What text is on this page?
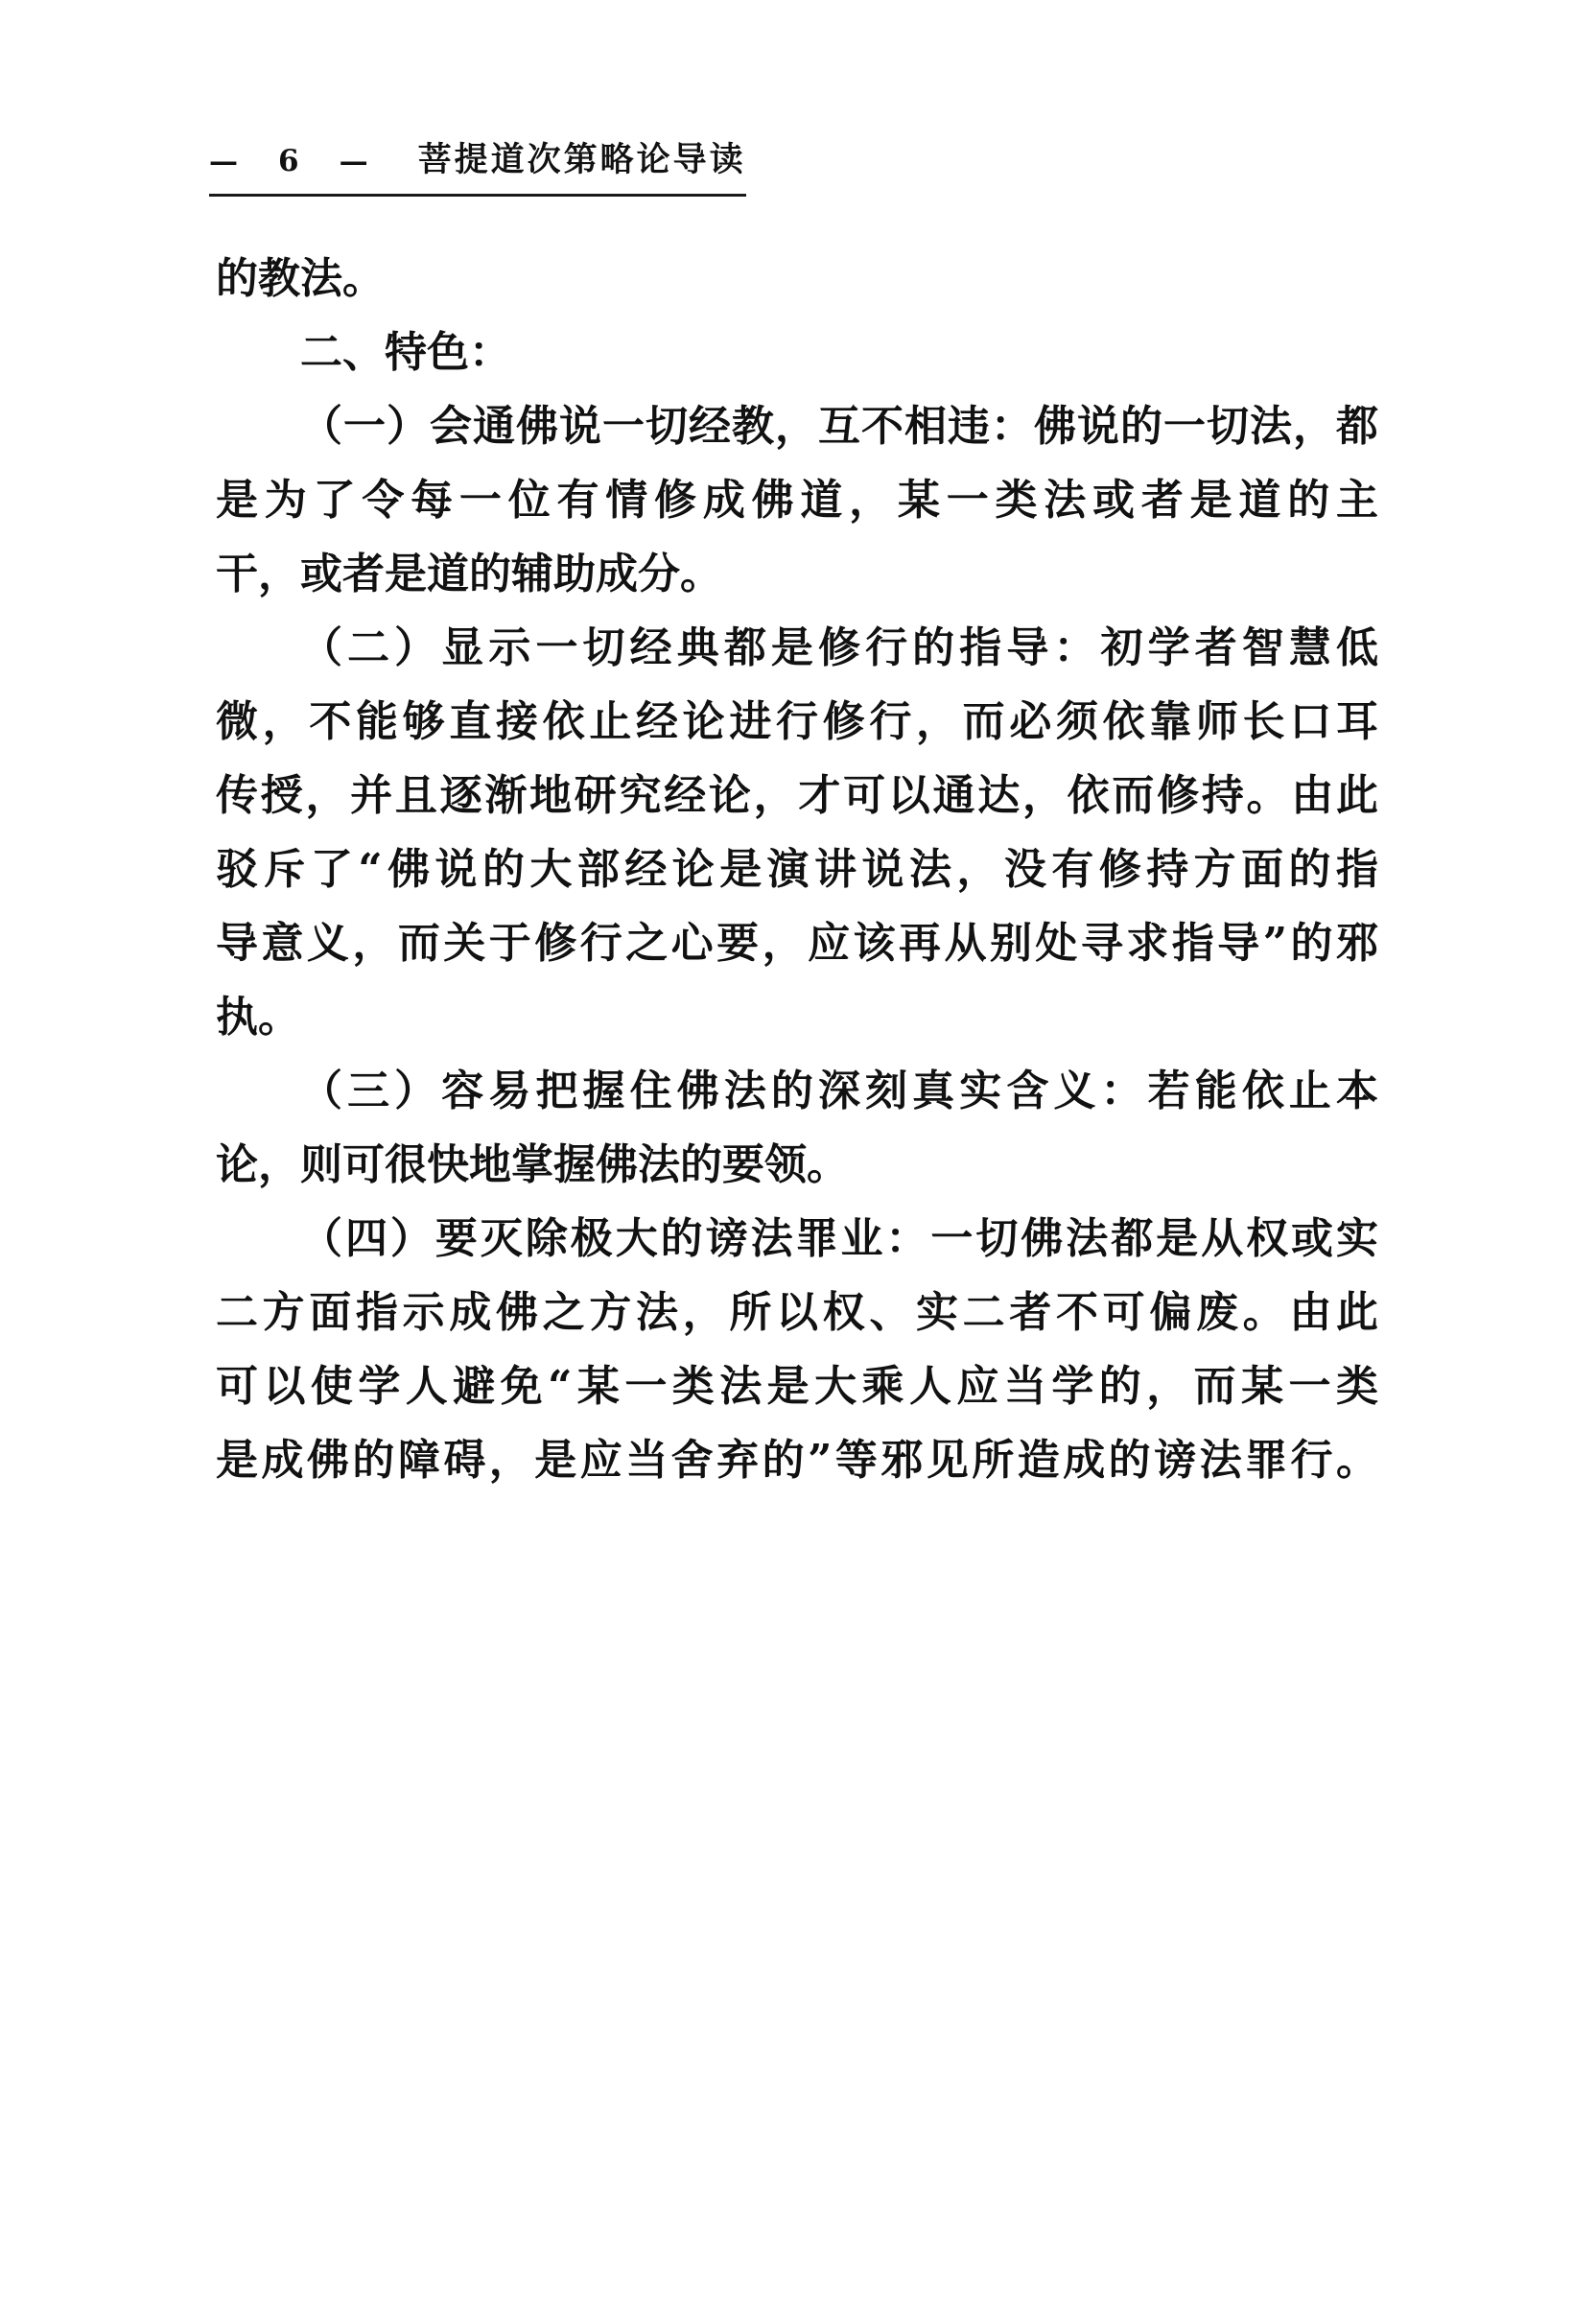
— 6 — 菩提道次第略论导读
的教法。
二、特色：
（一）会通佛说一切经教，互不相违：佛说的一切法，都
是为了令每一位有情修成佛道，某一类法或者是道的主
干，或者是道的辅助成分。
（二）显示一切经典都是修行的指导：初学者智慧低
微，不能够直接依止经论进行修行，而必须依靠师长口耳
传授，并且逐渐地研究经论，才可以通达，依而修持。由此
驳斥了“佛说的大部经论是演讲说法，没有修持方面的指
导意义，而关于修行之心要，应该再从别处寻求指导”的邪
执。
（三）容易把握住佛法的深刻真实含义：若能依止本
论，则可很快地掌握佛法的要领。
（四）要灭除极大的谤法罪业：一切佛法都是从权或实
二方面指示成佛之方法，所以权、实二者不可偏废。由此
可以使学人避免“某一类法是大乘人应当学的，而某一类
是成佛的障碍，是应当舍弃的”等邪见所造成的谤法罪行。
